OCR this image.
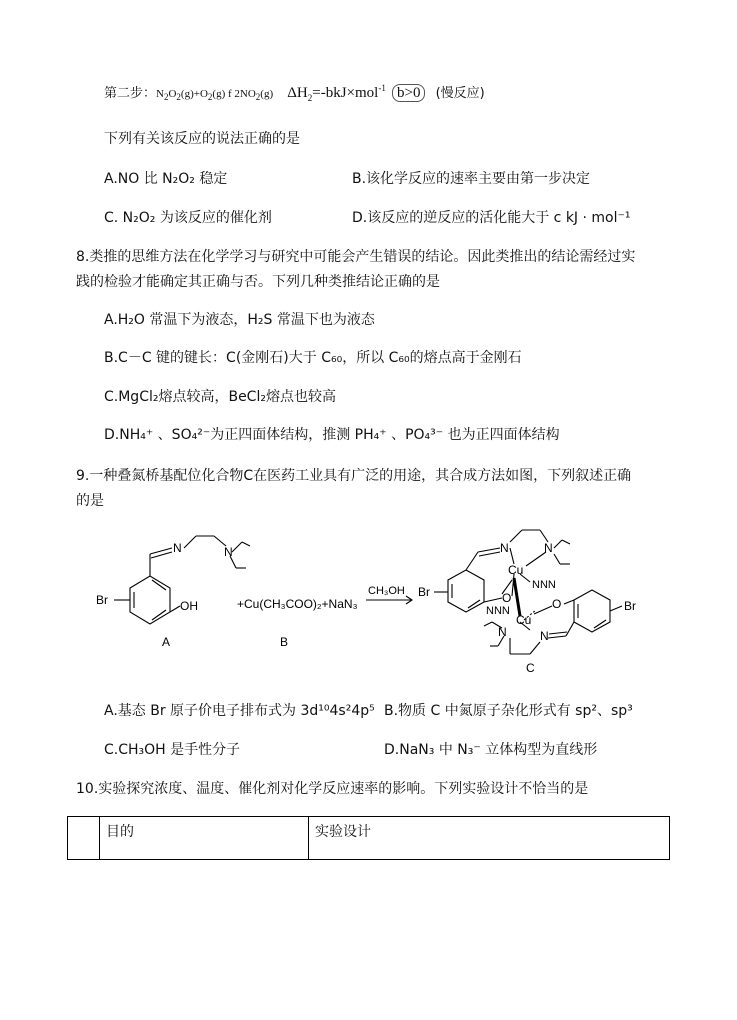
第二步：$N_2O_2(g)+O_2(g)$ f $2NO_2(g)$ $\Delta H_2=-bkJ\times mol^{-1}$ b>0 (慢反应)
下列有关该反应的说法正确的是
A.NO 比 N₂O₂ 稳定	B.该化学反应的速率主要由第一步决定
C. N₂O₂ 为该反应的催化剂	D.该反应的逆反应的活化能大于 c kJ · mol⁻¹
8.类推的思维方法在化学学习与研究中可能会产生错误的结论。因此类推出的结论需经过实
践的检验才能确定其正确与否。下列几种类推结论正确的是
A.H₂O 常温下为液态，H₂S 常温下也为液态
B.C－C 键的键长：C(金刚石)大于 C₆₀，所以 C₆₀的熔点高于金刚石
C.MgCl₂熔点较高，BeCl₂熔点也较高
D.NH₄⁺ 、SO₄²⁻为正四面体结构，推测 PH₄⁺ 、PO₄³⁻ 也为正四面体结构
9.一种叠氮桥基配位化合物C在医药工业具有广泛的用途，其合成方法如图，下列叙述正确
的是
Br	OH
N	N
A
+Cu(CH₃COO)₂+NaN₃
B
CH₃OH Br
N	N
Cu
O
NNN
NNN
Cu
O	Br
N	N
C
A.基态 Br 原子价电子排布式为 3d¹⁰4s²4p⁵ B.物质 C 中氮原子杂化形式有 sp²、sp³
C.CH₃OH 是手性分子	D.NaN₃ 中 N₃⁻ 立体构型为直线形
10.实验探究浓度、温度、催化剂对化学反应速率的影响。下列实验设计不恰当的是
	目的	实验设计
